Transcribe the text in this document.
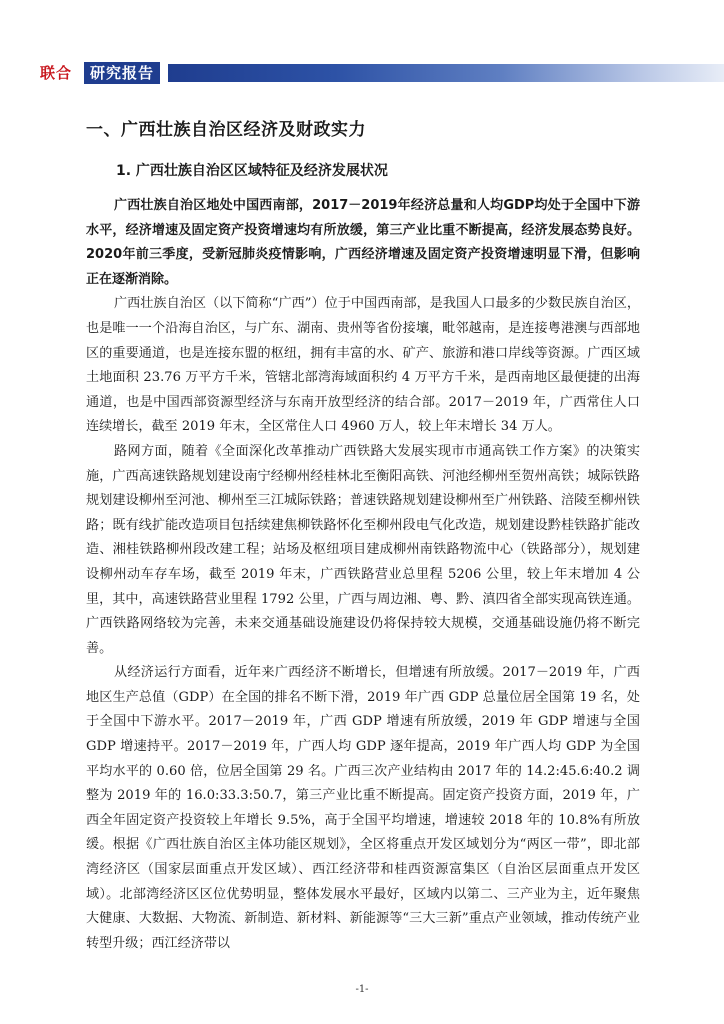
联合	研究报告
一、广西壮族自治区经济及财政实力
1. 广西壮族自治区区域特征及经济发展状况

广西壮族自治区地处中国西南部，2017－2019年经济总量和人均GDP均处于全国中下游水平，经济增速及固定资产投资增速均有所放缓，第三产业比重不断提高，经济发展态势良好。2020年前三季度，受新冠肺炎疫情影响，广西经济增速及固定资产投资增速明显下滑，但影响正在逐渐消除。

广西壮族自治区（以下简称“广西”）位于中国西南部，是我国人口最多的少数民族自治区，也是唯一一个沿海自治区，与广东、湖南、贵州等省份接壤，毗邻越南，是连接粤港澳与西部地区的重要通道，也是连接东盟的枢纽，拥有丰富的水、矿产、旅游和港口岸线等资源。广西区域土地面积 23.76 万平方千米，管辖北部湾海域面积约 4 万平方千米，是西南地区最便捷的出海通道，也是中国西部资源型经济与东南开放型经济的结合部。2017－2019 年，广西常住人口连续增长，截至 2019 年末，全区常住人口 4960 万人，较上年末增长 34 万人。

路网方面，随着《全面深化改革推动广西铁路大发展实现市市通高铁工作方案》的决策实施，广西高速铁路规划建设南宁经柳州经桂林北至衡阳高铁、河池经柳州至贺州高铁；城际铁路规划建设柳州至河池、柳州至三江城际铁路；普速铁路规划建设柳州至广州铁路、涪陵至柳州铁路；既有线扩能改造项目包括续建焦柳铁路怀化至柳州段电气化改造，规划建设黔桂铁路扩能改造、湘桂铁路柳州段改建工程；站场及枢纽项目建成柳州南铁路物流中心（铁路部分），规划建设柳州动车存车场，截至 2019 年末，广西铁路营业总里程 5206 公里，较上年末增加 4 公里，其中，高速铁路营业里程 1792 公里，广西与周边湘、粤、黔、滇四省全部实现高铁连通。广西铁路网络较为完善，未来交通基础设施建设仍将保持较大规模，交通基础设施仍将不断完善。

从经济运行方面看，近年来广西经济不断增长，但增速有所放缓。2017－2019 年，广西地区生产总值（GDP）在全国的排名不断下滑，2019 年广西 GDP 总量位居全国第 19 名，处于全国中下游水平。2017－2019 年，广西 GDP 增速有所放缓，2019 年 GDP 增速与全国 GDP 增速持平。2017－2019 年，广西人均 GDP 逐年提高，2019 年广西人均 GDP 为全国平均水平的 0.60 倍，位居全国第 29 名。广西三次产业结构由 2017 年的 14.2:45.6:40.2 调整为 2019 年的 16.0:33.3:50.7，第三产业比重不断提高。固定资产投资方面，2019 年，广西全年固定资产投资较上年增长 9.5%，高于全国平均增速，增速较 2018 年的 10.8%有所放缓。根据《广西壮族自治区主体功能区规划》，全区将重点开发区域划分为“两区一带”，即北部湾经济区（国家层面重点开发区域）、西江经济带和桂西资源富集区（自治区层面重点开发区域）。北部湾经济区区位优势明显，整体发展水平最好，区域内以第二、三产业为主，近年聚焦大健康、大数据、大物流、新制造、新材料、新能源等“三大三新”重点产业领域，推动传统产业转型升级；西江经济带以

-1-
